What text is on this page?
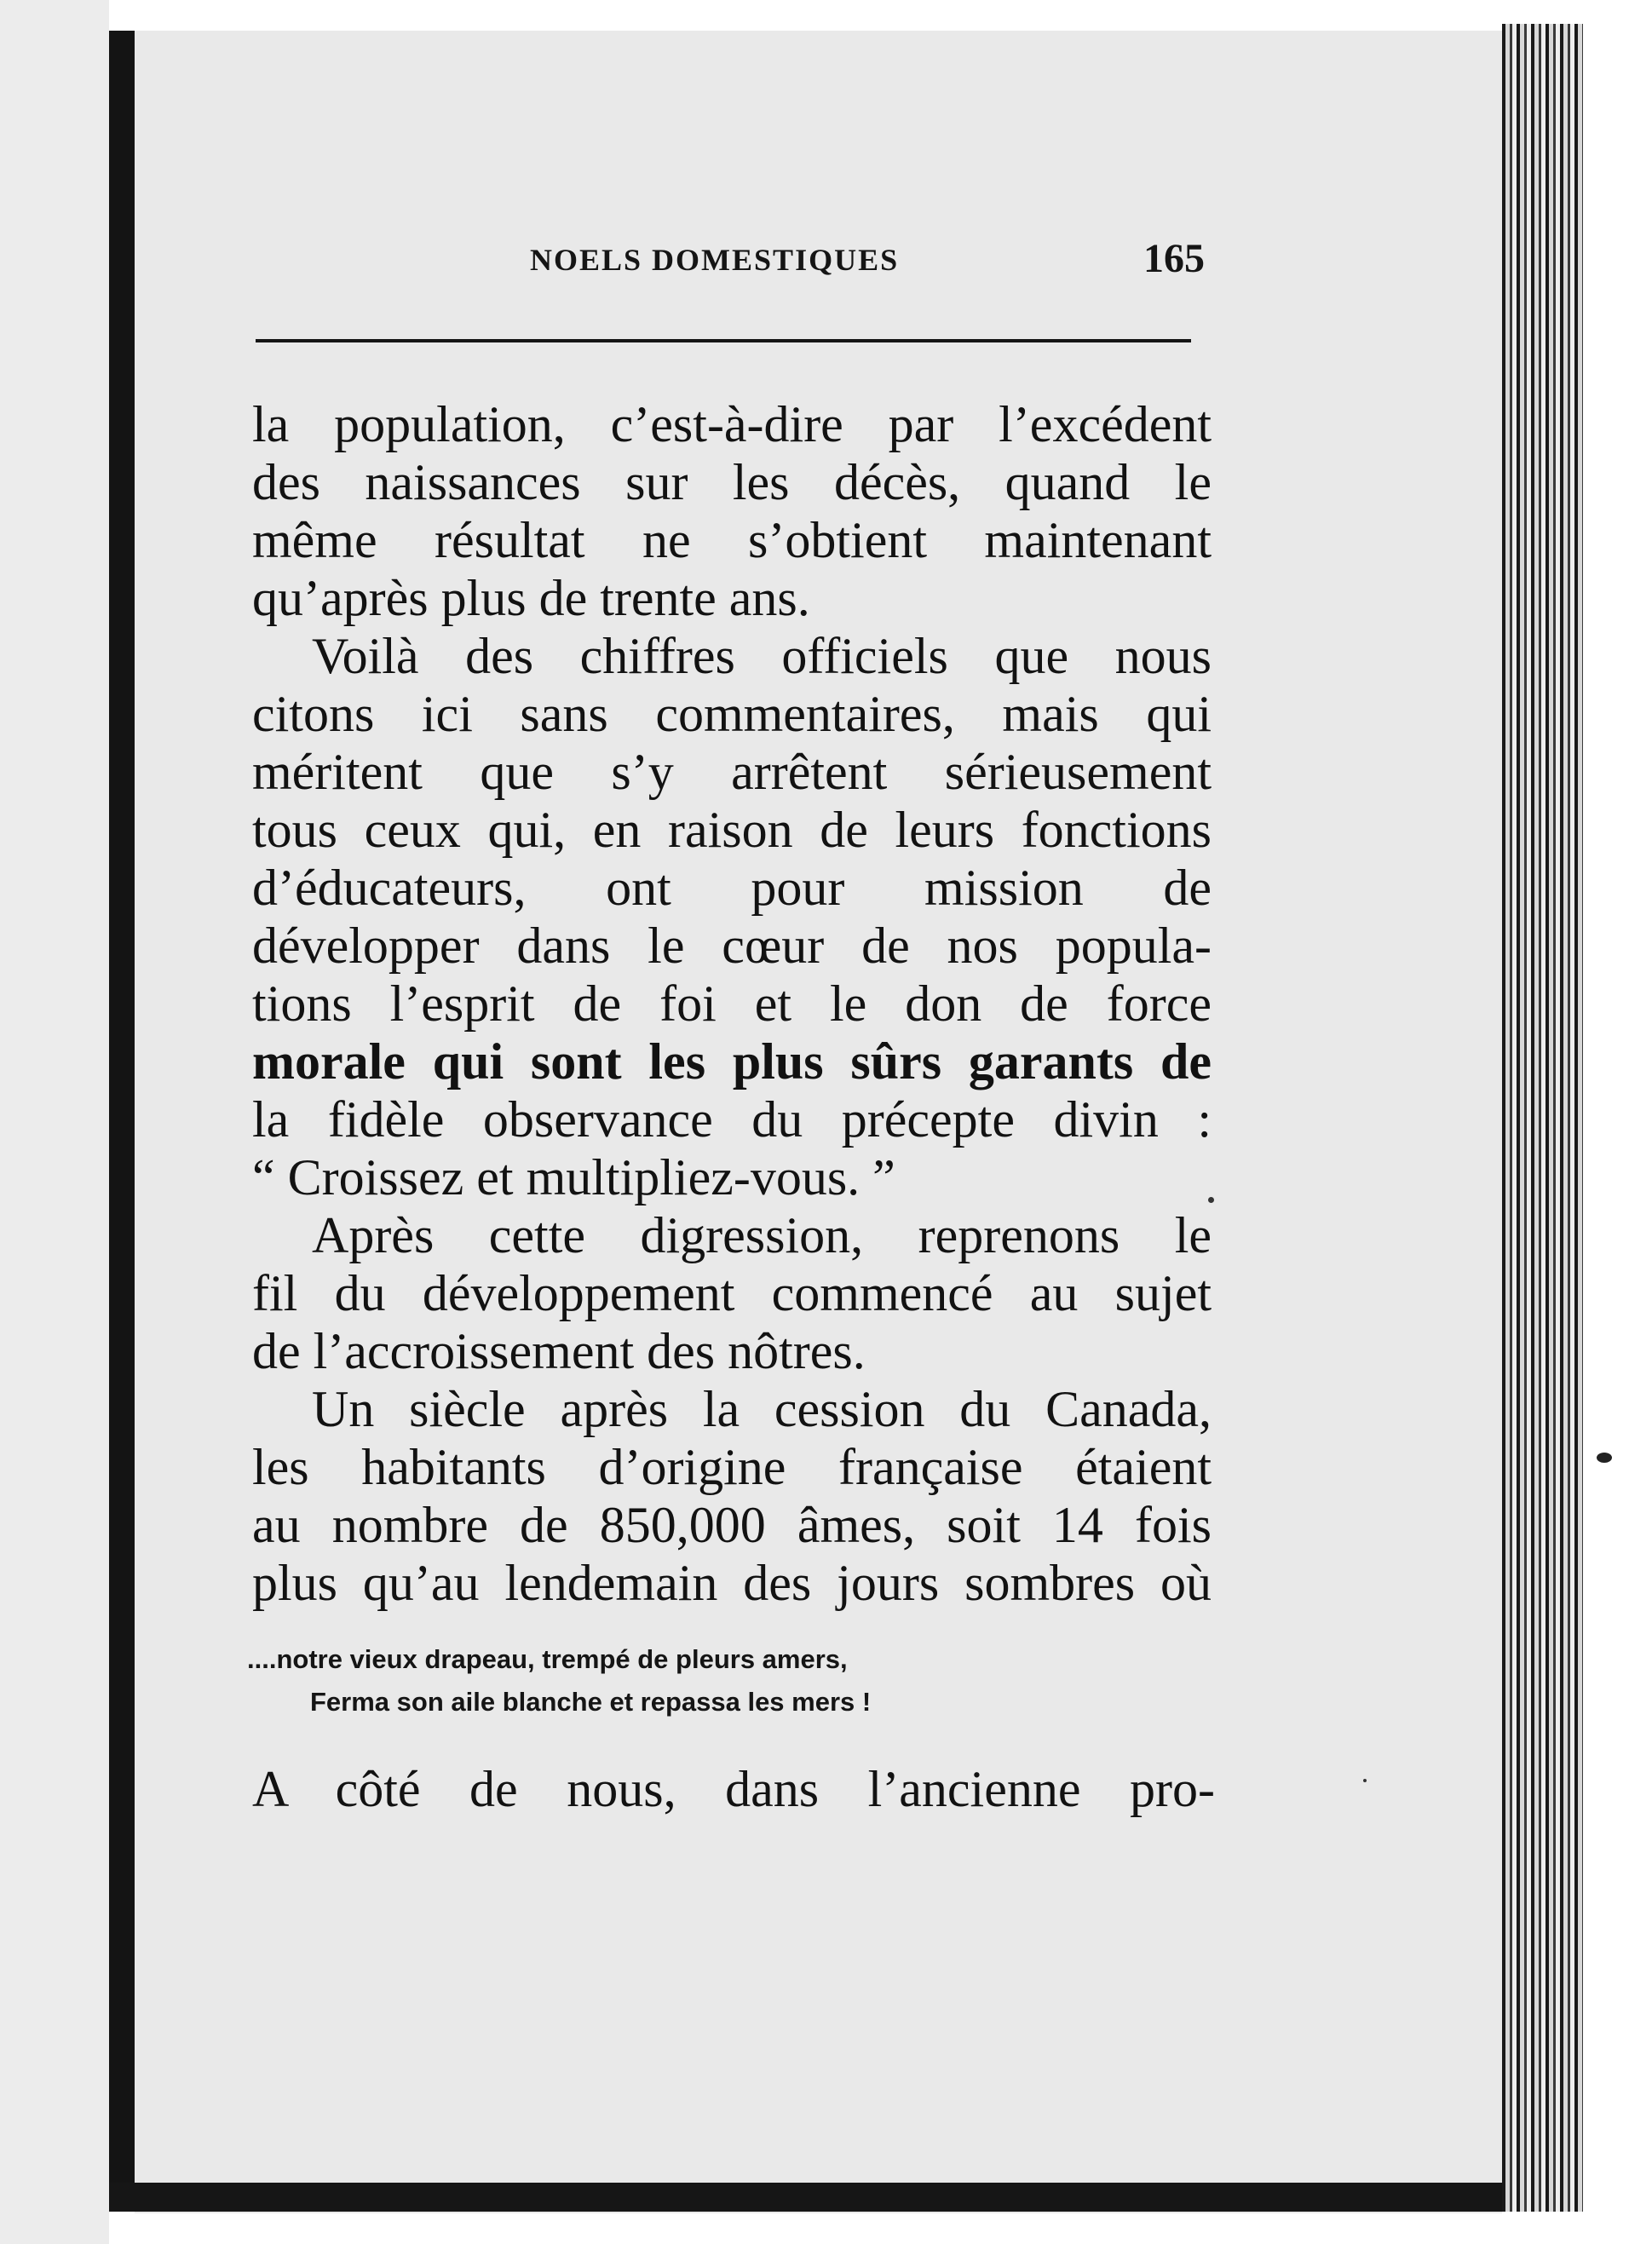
NOELS DOMESTIQUES	165
la population, c’est-à-dire par l’excédent
des naissances sur les décès, quand le
même résultat ne s’obtient maintenant
qu’après plus de trente ans.
Voilà des chiffres officiels que nous
citons ici sans commentaires, mais qui
méritent que s’y arrêtent sérieusement
tous ceux qui, en raison de leurs fonctions
d’éducateurs, ont pour mission de
développer dans le cœur de nos popula-
tions l’esprit de foi et le don de force
morale qui sont les plus sûrs garants de
la fidèle observance du précepte divin :
“ Croissez et multipliez-vous. ”
Après cette digression, reprenons le
fil du développement commencé au sujet
de l’accroissement des nôtres.
Un siècle après la cession du Canada,
les habitants d’origine française étaient
au nombre de 850,000 âmes, soit 14 fois
plus qu’au lendemain des jours sombres où
....notre vieux drapeau, trempé de pleurs amers,
Ferma son aile blanche et repassa les mers !
A côté de nous, dans l’ancienne pro-
